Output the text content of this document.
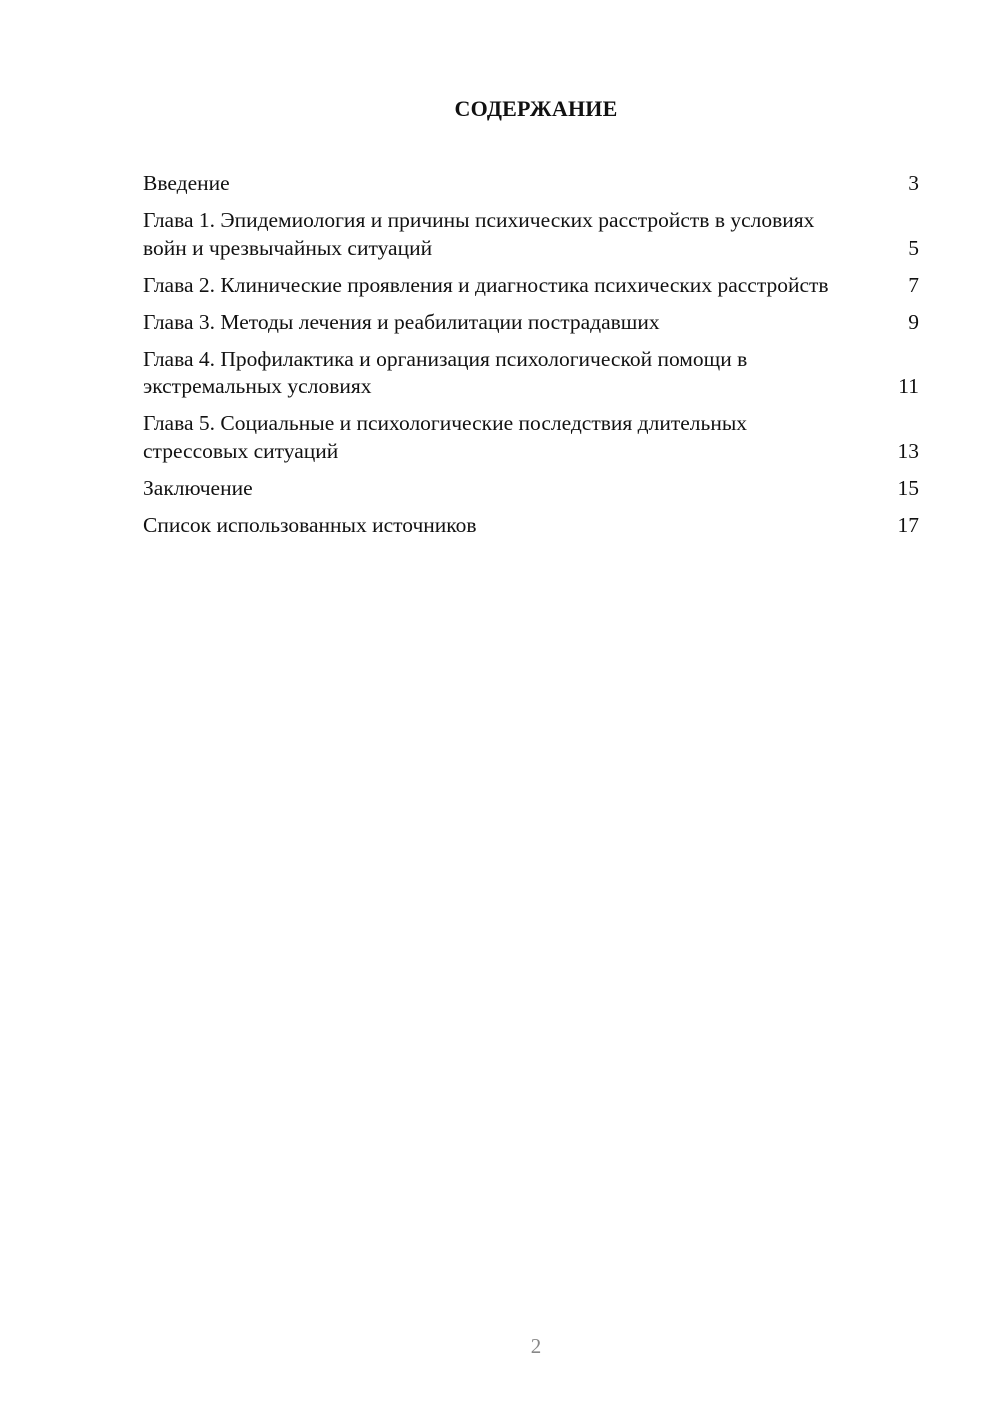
СОДЕРЖАНИЕ
Введение	3
Глава 1. Эпидемиология и причины психических расстройств в условиях войн и чрезвычайных ситуаций	5
Глава 2. Клинические проявления и диагностика психических расстройств	7
Глава 3. Методы лечения и реабилитации пострадавших	9
Глава 4. Профилактика и организация психологической помощи в экстремальных условиях	11
Глава 5. Социальные и психологические последствия длительных стрессовых ситуаций	13
Заключение	15
Список использованных источников	17
2
